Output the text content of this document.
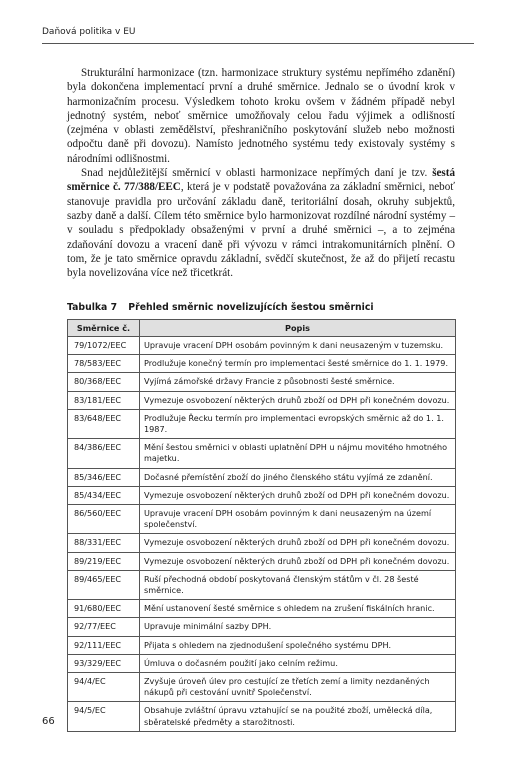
Daňová politika v EU

Strukturální harmonizace (tzn. harmonizace struktury systému nepřímého zdanění) byla dokončena implementací první a druhé směrnice. Jednalo se o úvodní krok v harmonizačním procesu. Výsledkem tohoto kroku ovšem v žádném případě nebyl jednotný systém, neboť směrnice umožňovaly celou řadu výjimek a odlišností (zejména v oblasti zemědělství, přeshraničního poskytování služeb nebo možnosti odpočtu daně při dovozu). Namísto jednotného systému tedy existovaly systémy s národními odlišnostmi.

Snad nejdůležitější směrnicí v oblasti harmonizace nepřímých daní je tzv. šestá směrnice č. 77/388/EEC, která je v podstatě považována za základní směrnici, neboť stanovuje pravidla pro určování základu daně, teritoriální dosah, okruhy subjektů, sazby daně a další. Cílem této směrnice bylo harmonizovat rozdílné národní systémy – v souladu s předpoklady obsaženými v první a druhé směrnici –, a to zejména zdaňování dovozu a vracení daně při vývozu v rámci intrakomunitárních plnění. O tom, že je tato směrnice opravdu základní, svědčí skutečnost, že až do přijetí recastu byla novelizována více než třicetkrát.

Tabulka 7 Přehled směrnic novelizujících šestou směrnici
Směrnice č.	Popis
79/1072/EEC	Upravuje vracení DPH osobám povinným k dani neusazeným v tuzemsku.
78/583/EEC	Prodlužuje konečný termín pro implementaci šesté směrnice do 1. 1. 1979.
80/368/EEC	Vyjímá zámořské državy Francie z působnosti šesté směrnice.
83/181/EEC	Vymezuje osvobození některých druhů zboží od DPH při konečném dovozu.
83/648/EEC	Prodlužuje Řecku termín pro implementaci evropských směrnic až do 1. 1. 1987.
84/386/EEC	Mění šestou směrnici v oblasti uplatnění DPH u nájmu movitého hmotného majetku.
85/346/EEC	Dočasné přemístění zboží do jiného členského státu vyjímá ze zdanění.
85/434/EEC	Vymezuje osvobození některých druhů zboží od DPH při konečném dovozu.
86/560/EEC	Upravuje vracení DPH osobám povinným k dani neusazeným na území společenství.
88/331/EEC	Vymezuje osvobození některých druhů zboží od DPH při konečném dovozu.
89/219/EEC	Vymezuje osvobození některých druhů zboží od DPH při konečném dovozu.
89/465/EEC	Ruší přechodná období poskytovaná členským státům v čl. 28 šesté směrnice.
91/680/EEC	Mění ustanovení šesté směrnice s ohledem na zrušení fiskálních hranic.
92/77/EEC	Upravuje minimální sazby DPH.
92/111/EEC	Přijata s ohledem na zjednodušení společného systému DPH.
93/329/EEC	Úmluva o dočasném použití jako celním režimu.
94/4/EC	Zvyšuje úroveň úlev pro cestující ze třetích zemí a limity nezdaněných nákupů při cestování uvnitř Společenství.
94/5/EC	Obsahuje zvláštní úpravu vztahující se na použité zboží, umělecká díla, sběratelské předměty a starožitnosti.
66
